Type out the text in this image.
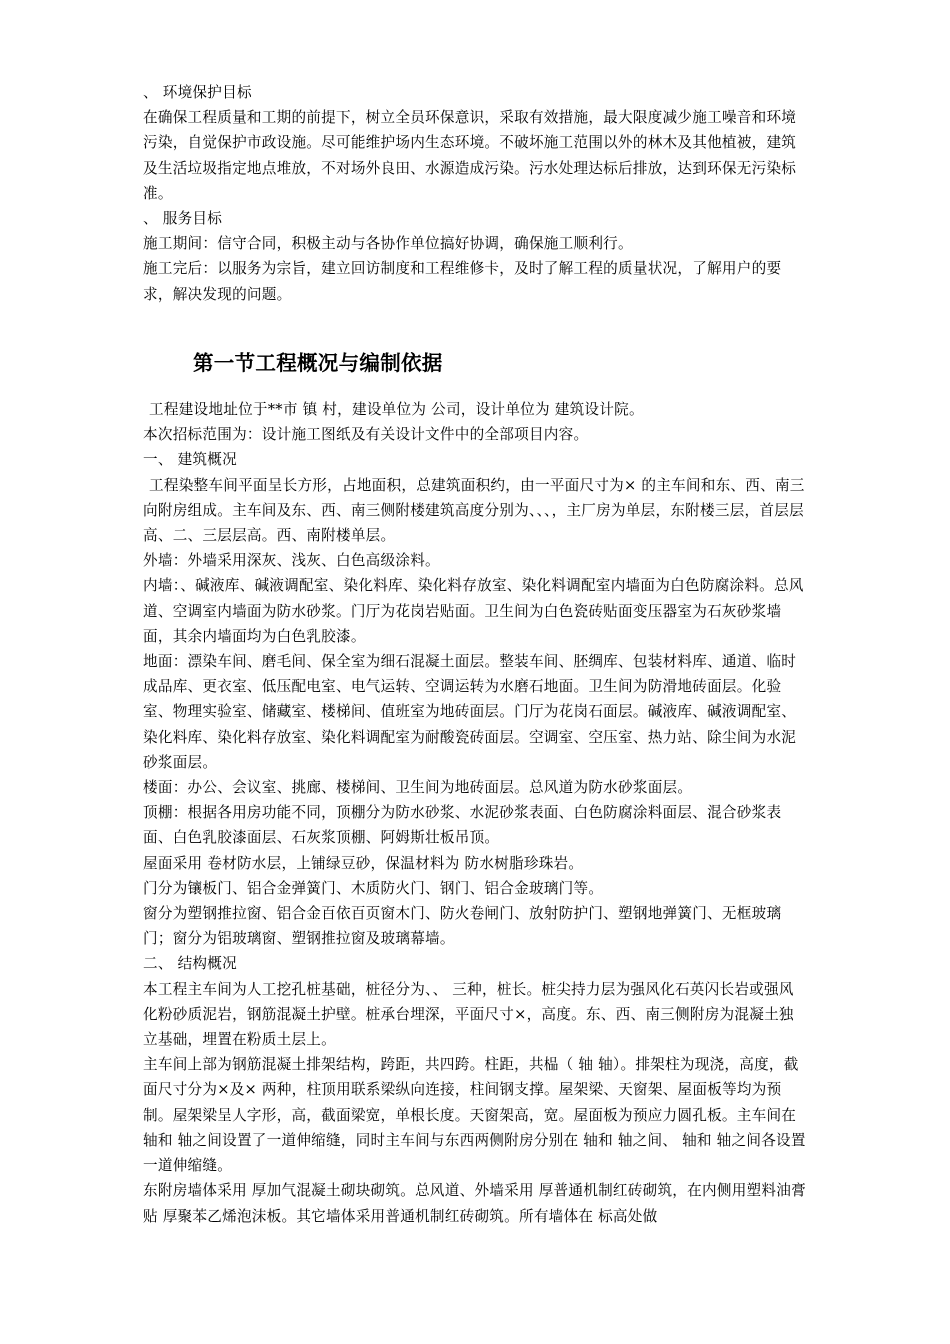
、 环境保护目标

在确保工程质量和工期的前提下，树立全员环保意识，采取有效措施，最大限度减少施工噪音和环境污染，自觉保护市政设施。尽可能维护场内生态环境。不破坏施工范围以外的林木及其他植被，建筑及生活垃圾指定地点堆放，不对场外良田、水源造成污染。污水处理达标后排放，达到环保无污染标准。

、 服务目标

施工期间：信守合同，积极主动与各协作单位搞好协调，确保施工顺利行。

施工完后：以服务为宗旨，建立回访制度和工程维修卡，及时了解工程的质量状况，了解用户的要求，解决发现的问题。

第一节工程概况与编制依据

工程建设地址位于**市 镇 村，建设单位为 公司，设计单位为 建筑设计院。

本次招标范围为：设计施工图纸及有关设计文件中的全部项目内容。

一、 建筑概况

工程染整车间平面呈长方形，占地面积，总建筑面积约，由一平面尺寸为× 的主车间和东、西、南三向附房组成。主车间及东、西、南三侧附楼建筑高度分别为、、、，主厂房为单层，东附楼三层，首层层高、二、三层层高。西、南附楼单层。

外墙：外墙采用深灰、浅灰、白色高级涂料。

内墙：、碱液库、碱液调配室、染化料库、染化料存放室、染化料调配室内墙面为白色防腐涂料。总风道、空调室内墙面为防水砂浆。门厅为花岗岩贴面。卫生间为白色瓷砖贴面变压器室为石灰砂浆墙面，其余内墙面均为白色乳胶漆。

地面：漂染车间、磨毛间、保全室为细石混凝土面层。整装车间、胚绸库、包装材料库、通道、临时成品库、更衣室、低压配电室、电气运转、空调运转为水磨石地面。卫生间为防滑地砖面层。化验室、物理实验室、储藏室、楼梯间、值班室为地砖面层。门厅为花岗石面层。碱液库、碱液调配室、染化料库、染化料存放室、染化料调配室为耐酸瓷砖面层。空调室、空压室、热力站、除尘间为水泥砂浆面层。

楼面：办公、会议室、挑廊、楼梯间、卫生间为地砖面层。总风道为防水砂浆面层。

顶棚：根据各用房功能不同，顶棚分为防水砂浆、水泥砂浆表面、白色防腐涂料面层、混合砂浆表面、白色乳胶漆面层、石灰浆顶棚、阿姆斯壮板吊顶。

屋面采用 卷材防水层，上铺绿豆砂，保温材料为 防水树脂珍珠岩。

门分为镶板门、铝合金弹簧门、木质防火门、钢门、铝合金玻璃门等。

窗分为塑钢推拉窗、铝合金百依百页窗木门、防火卷闸门、放射防护门、塑钢地弹簧门、无框玻璃门；窗分为铝玻璃窗、塑钢推拉窗及玻璃幕墙。

二、 结构概况

本工程主车间为人工挖孔桩基础，桩径分为、、 三种，桩长。桩尖持力层为强风化石英闪长岩或强风化粉砂质泥岩，钢筋混凝土护壁。桩承台埋深，平面尺寸×，高度。东、西、南三侧附房为混凝土独立基础，埋置在粉质土层上。

主车间上部为钢筋混凝土排架结构，跨距，共四跨。柱距，共榀（ 轴 轴）。排架柱为现浇，高度，截面尺寸分为×及× 两种，柱顶用联系梁纵向连接，柱间钢支撑。屋架梁、天窗架、屋面板等均为预制。屋架梁呈人字形，高，截面梁宽，单根长度。天窗架高，宽。屋面板为预应力圆孔板。主车间在 轴和 轴之间设置了一道伸缩缝，同时主车间与东西两侧附房分别在 轴和 轴之间、 轴和 轴之间各设置一道伸缩缝。

东附房墙体采用 厚加气混凝土砌块砌筑。总风道、外墙采用 厚普通机制红砖砌筑，在内侧用塑料油膏贴 厚聚苯乙烯泡沫板。其它墙体采用普通机制红砖砌筑。所有墙体在 标高处做
